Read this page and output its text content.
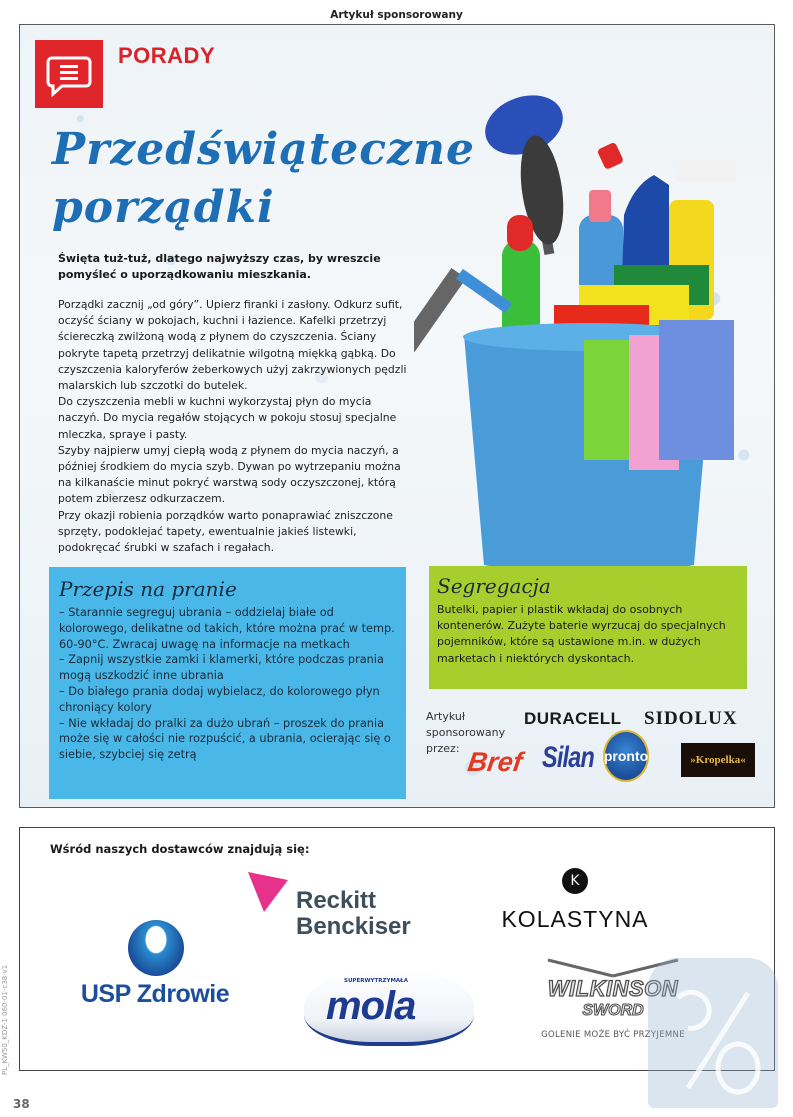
Artykuł sponsorowany
PORADY
Przedświąteczne
porządki
Święta tuż-tuż, dlatego najwyższy czas, by wreszcie pomyśleć o uporządkowaniu mieszkania.

Porządki zacznij „od góry”. Upierz firanki i zasłony. Odkurz sufit, oczyść ściany w pokojach, kuchni i łazience. Kafelki przetrzyj ściereczką zwilżoną wodą z płynem do czyszczenia. Ściany pokryte tapetą przetrzyj delikatnie wilgotną miękką gąbką. Do czyszczenia kaloryferów żeberkowych użyj zakrzywionych pędzli malarskich lub szczotki do butelek.

Do czyszczenia mebli w kuchni wykorzystaj płyn do mycia naczyń. Do mycia regałów stojących w pokoju stosuj specjalne mleczka, spraye i pasty.

Szyby najpierw umyj ciepłą wodą z płynem do mycia naczyń, a później środkiem do mycia szyb. Dywan po wytrzepaniu można na kilkanaście minut pokryć warstwą sody oczyszczonej, którą potem zbierzesz odkurzaczem.

Przy okazji robienia porządków warto ponaprawiać zniszczone sprzęty, podoklejać tapety, ewentualnie jakieś listewki, podokręcać śrubki w szafach i regałach.

Przepis na pranie
– Starannie segreguj ubrania – oddzielaj białe od kolorowego, delikatne od takich, które można prać w temp. 60-90°C. Zwracaj uwagę na informacje na metkach
– Zapnij wszystkie zamki i klamerki, które podczas prania mogą uszkodzić inne ubrania
– Do białego prania dodaj wybielacz, do kolorowego płyn chroniący kolory
– Nie wkładaj do pralki za dużo ubrań – proszek do prania może się w całości nie rozpuścić, a ubrania, ocierając się o siebie, szybciej się zetrą
Segregacja
Butelki, papier i plastik wkładaj do osobnych kontenerów. Zużyte baterie wyrzucaj do specjalnych pojemników, które są ustawione m.in. w dużych marketach i niektórych dyskontach.
Artykuł
sponsorowany
przez:
DURACELL SIDOLUX
Bref Silan pronto	»Kropelka«
Wśród naszych dostawców znajdują się:
USP Zdrowie
Reckitt
Benckiser
K
KOLASTYNA
SUPERWYTRZYMAŁA
mola	WILKINSON
SWORD
GOLENIE MOŻE BYĆ PRZYJEMNE
PL_KW50_KDZ-1 060-01-c38-v1
38
